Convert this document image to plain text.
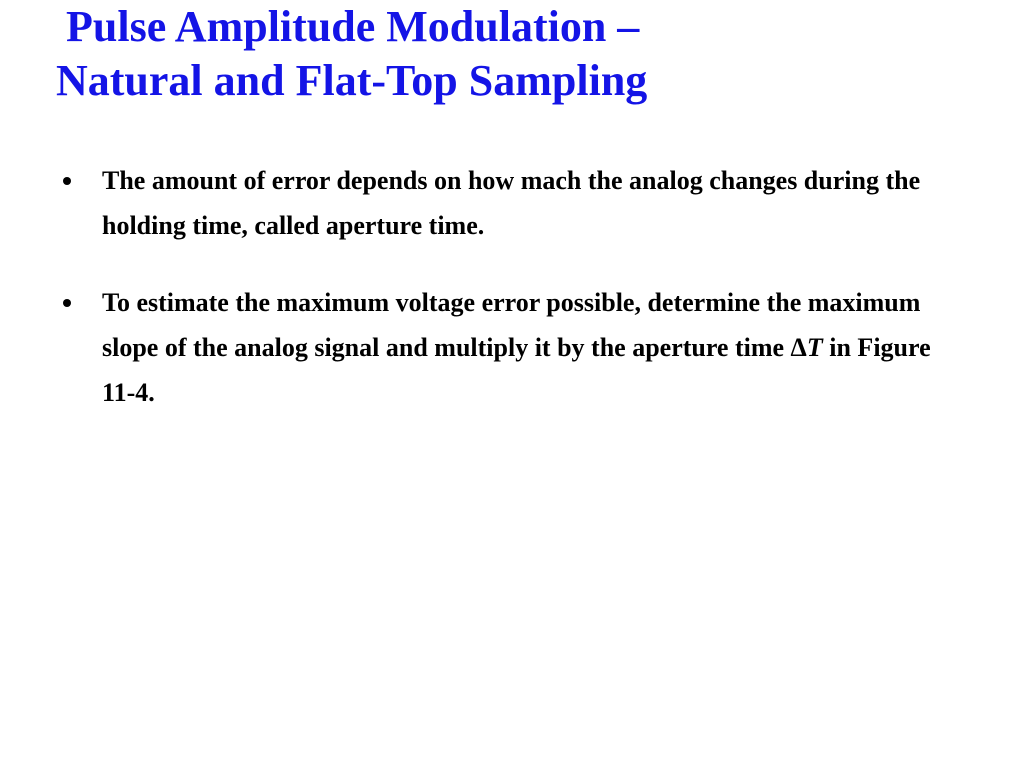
Pulse Amplitude Modulation –
Natural and Flat-Top Sampling
The amount of error depends on how mach the analog changes during the holding time, called aperture time.
To estimate the maximum voltage error possible, determine the maximum slope of the analog signal and multiply it by the aperture time ΔT in Figure 11-4.
